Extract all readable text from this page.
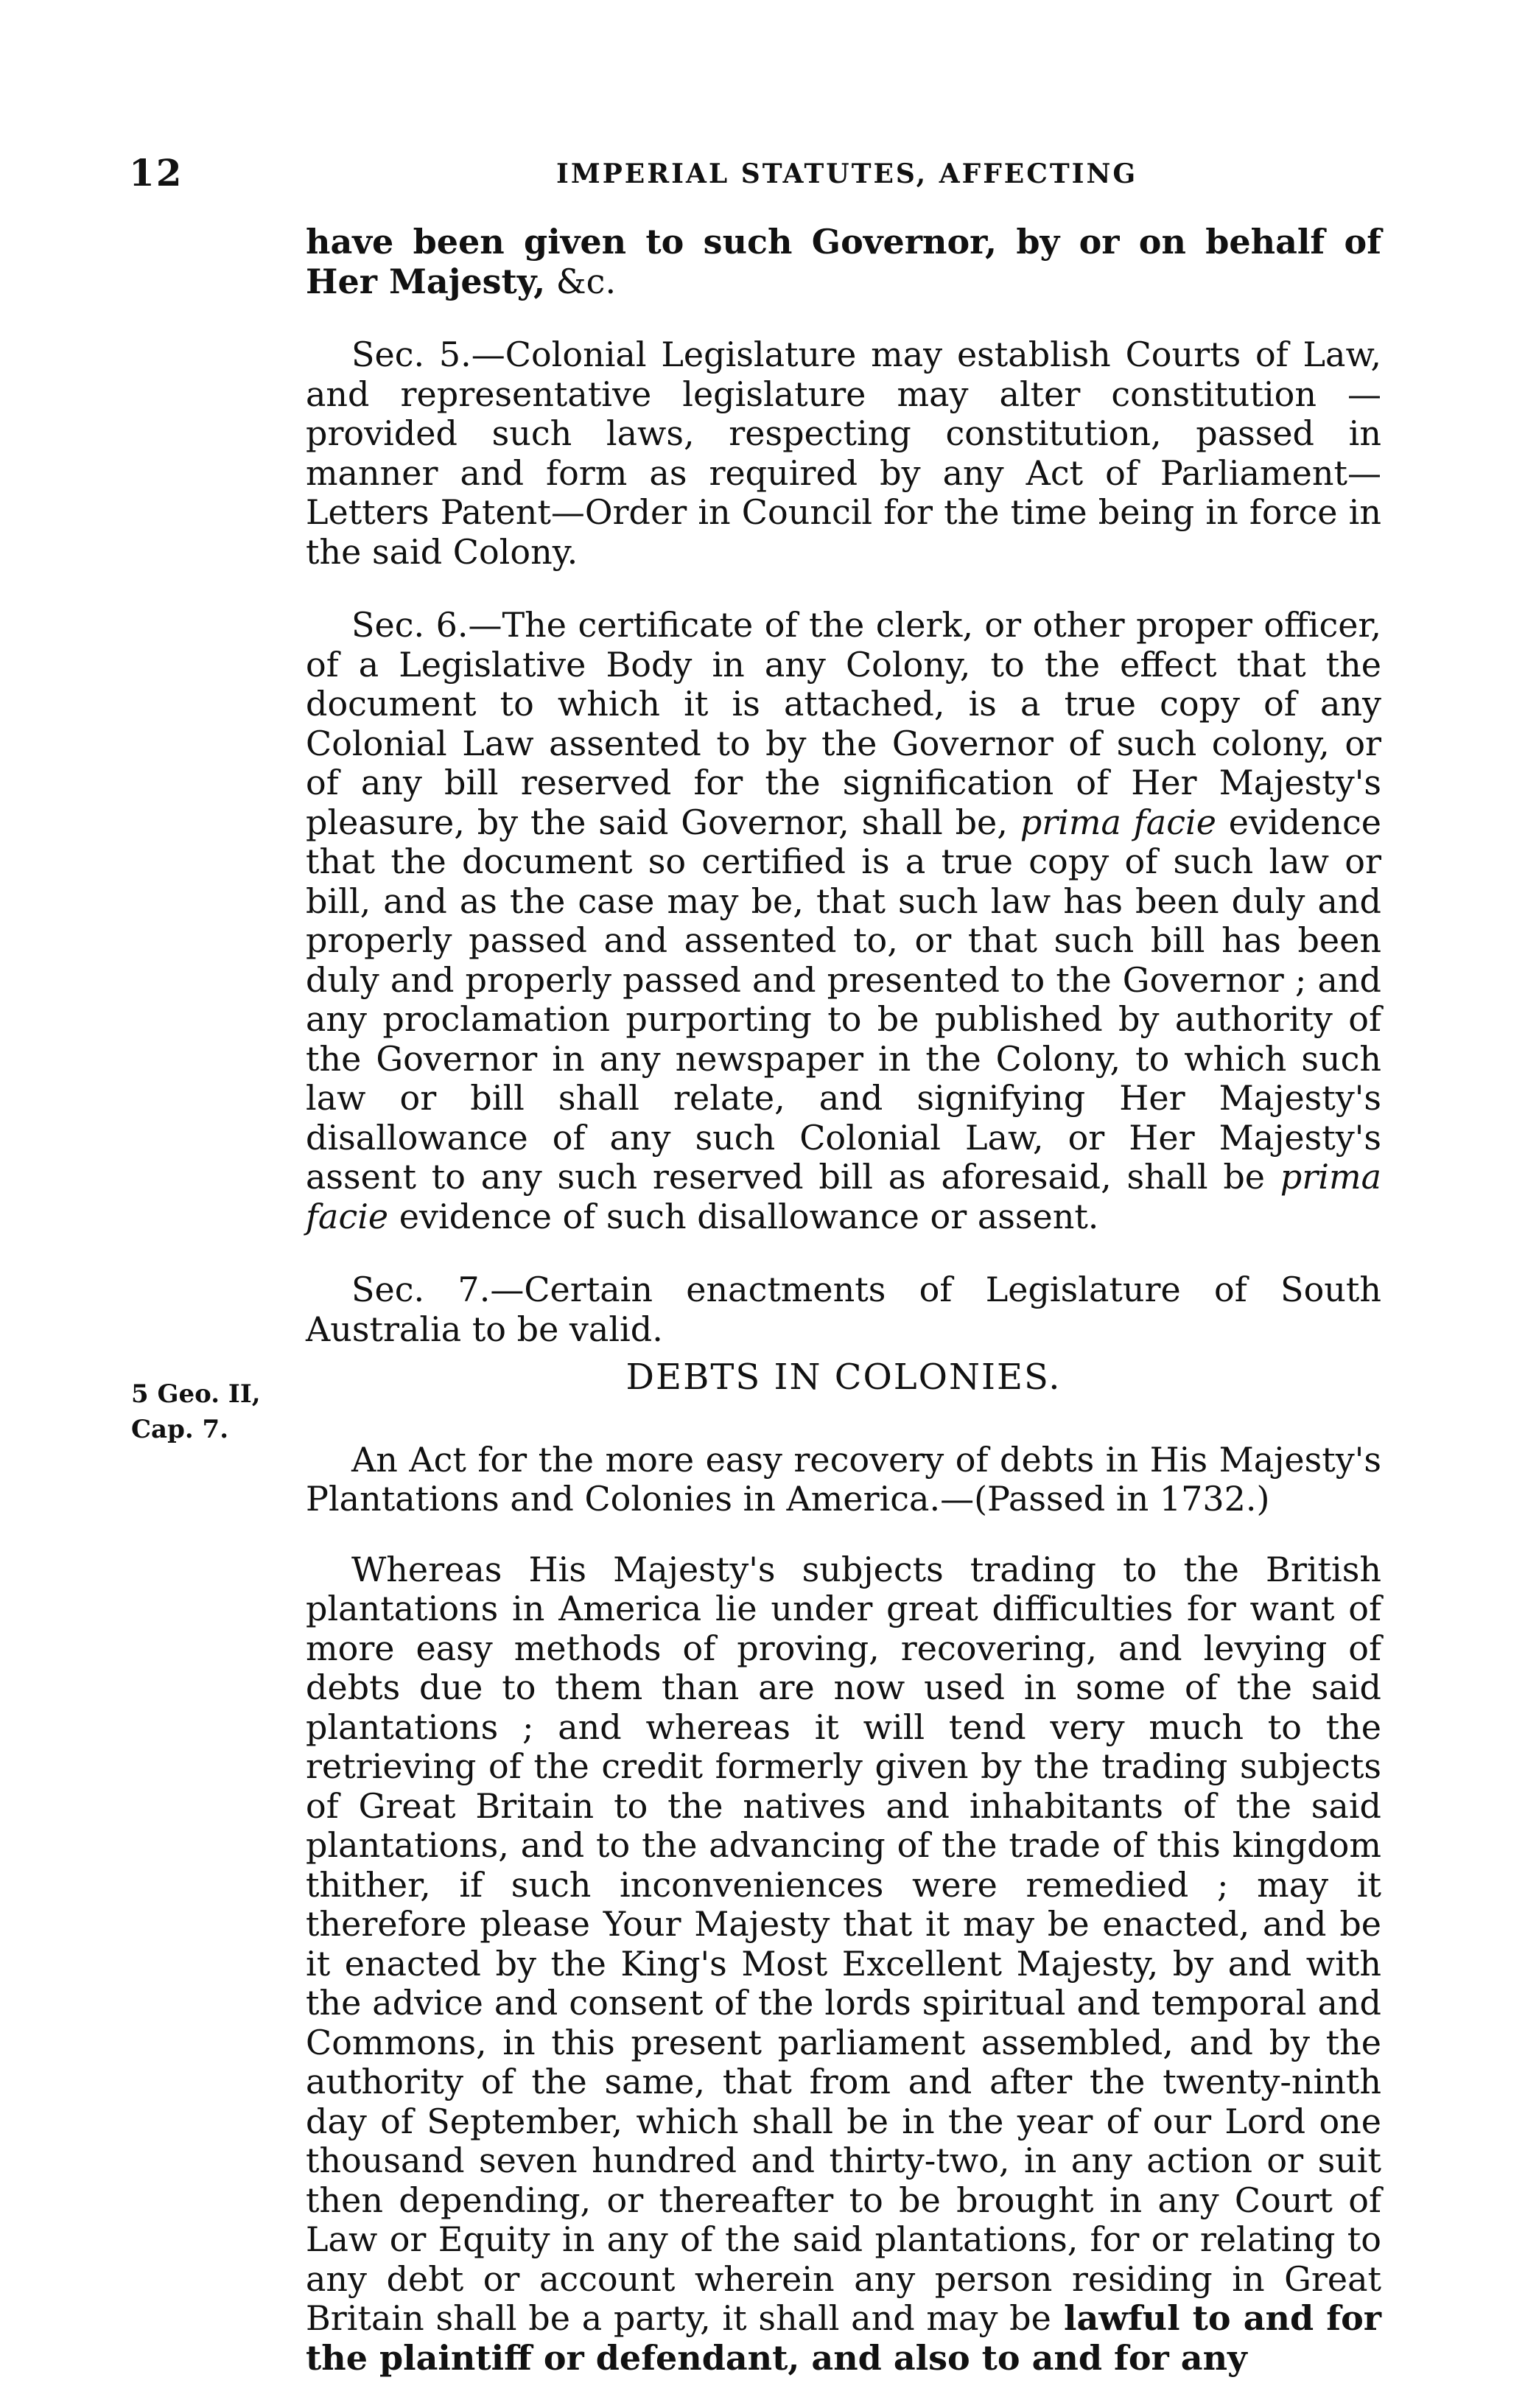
12	IMPERIAL STATUTES, AFFECTING
5 Geo. II,
Cap. 7.

have been given to such Governor, by or on behalf of Her Majesty, &c.

Sec. 5.—Colonial Legislature may establish Courts of Law, and representative legislature may alter constitution — provided such laws, respecting constitution, passed in manner and form as required by any Act of Parliament—Letters Patent—Order in Council for the time being in force in the said Colony.

Sec. 6.—The certificate of the clerk, or other proper officer, of a Legislative Body in any Colony, to the effect that the document to which it is attached, is a true copy of any Colonial Law assented to by the Governor of such colony, or of any bill reserved for the signification of Her Majesty's pleasure, by the said Governor, shall be, prima facie evidence that the document so certified is a true copy of such law or bill, and as the case may be, that such law has been duly and properly passed and assented to, or that such bill has been duly and properly passed and presented to the Governor ; and any proclamation purporting to be published by authority of the Governor in any newspaper in the Colony, to which such law or bill shall relate, and signifying Her Majesty's disallowance of any such Colonial Law, or Her Majesty's assent to any such reserved bill as aforesaid, shall be prima facie evidence of such disallowance or assent.

Sec. 7.—Certain enactments of Legislature of South Australia to be valid.

DEBTS IN COLONIES.

An Act for the more easy recovery of debts in His Majesty's Plantations and Colonies in America.—(Passed in 1732.)

Whereas His Majesty's subjects trading to the British plantations in America lie under great difficulties for want of more easy methods of proving, recovering, and levying of debts due to them than are now used in some of the said plantations ; and whereas it will tend very much to the retrieving of the credit formerly given by the trading subjects of Great Britain to the natives and inhabitants of the said plantations, and to the advancing of the trade of this kingdom thither, if such inconveniences were remedied ; may it therefore please Your Majesty that it may be enacted, and be it enacted by the King's Most Excellent Majesty, by and with the advice and consent of the lords spiritual and temporal and Commons, in this present parliament assembled, and by the authority of the same, that from and after the twenty-ninth day of September, which shall be in the year of our Lord one thousand seven hundred and thirty-two, in any action or suit then depending, or thereafter to be brought in any Court of Law or Equity in any of the said plantations, for or relating to any debt or account wherein any person residing in Great Britain shall be a party, it shall and may be lawful to and for the plaintiff or defendant, and also to and for any
